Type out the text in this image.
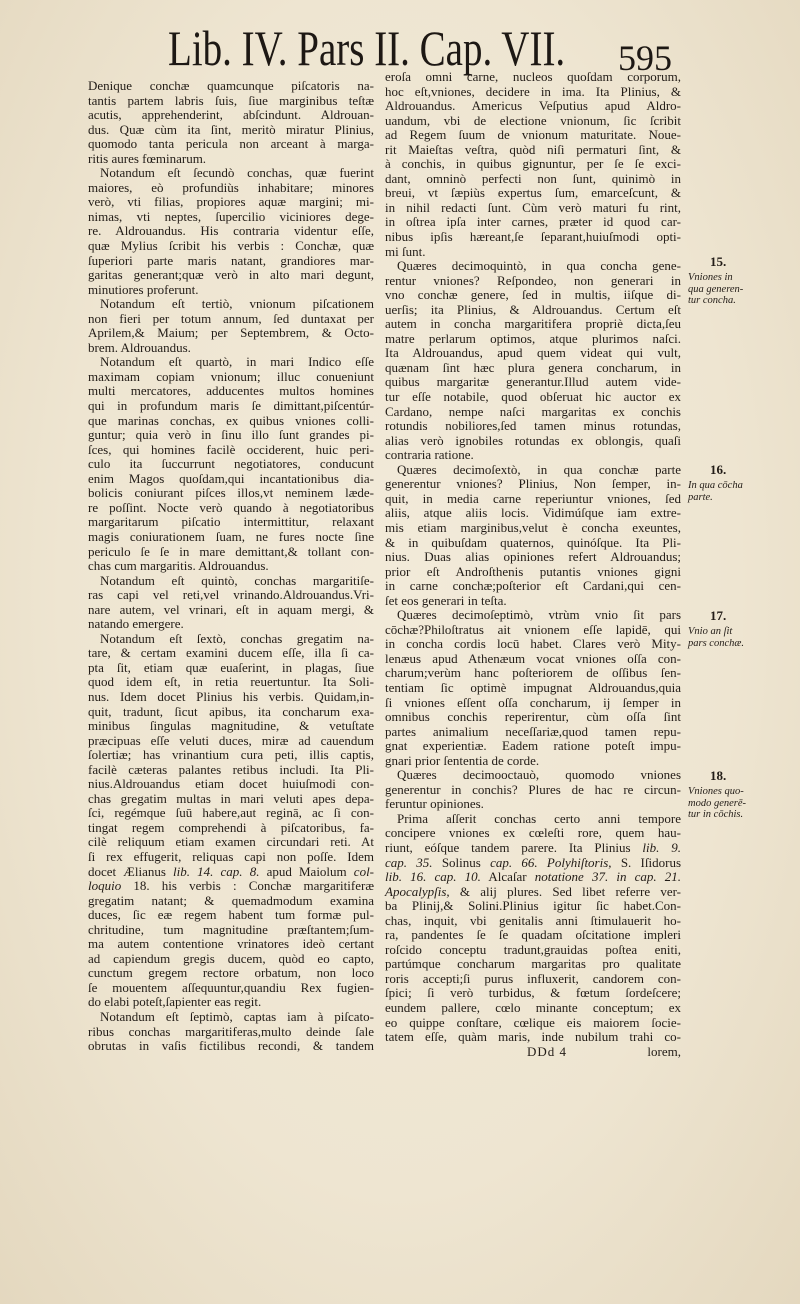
Lib. IV. Pars II. Cap. VII. 595
Denique conchæ quamcunque piſcatoris na-
tantis partem labris ſuis, ſiue marginibus teſtæ
acutis, apprehenderint, abſcindunt. Aldrouan-
dus. Quæ cùm ita ſint, meritò miratur Plinius,
quomodo tanta pericula non arceant à marga-
ritis aures fœminarum.
Notandum eſt ſecundò conchas, quæ fuerint
maiores, eò profundiùs inhabitare; minores
verò, vti filias, propiores aquæ margini; mi-
nimas, vti neptes, ſupercilio viciniores dege-
re. Aldrouandus. His contraria videntur eſſe,
quæ Mylius ſcribit his verbis : Conchæ, quæ
ſuperiori parte maris natant, grandiores mar-
garitas generant;quæ verò in alto mari degunt,
minutiores proferunt.
Notandum eſt tertiò, vnionum piſcationem
non fieri per totum annum, ſed duntaxat per
Aprilem,& Maium; per Septembrem, & Octo-
brem. Aldrouandus.
Notandum eſt quartò, in mari Indico eſſe
maximam copiam vnionum; illuc conueniunt
multi mercatores, adducentes multos homines
qui in profundum maris ſe dimittant,piſcentúr-
que marinas conchas, ex quibus vniones colli-
guntur; quia verò in ſinu illo ſunt grandes pi-
ſces, qui homines facilè occiderent, huic peri-
culo ita ſuccurrunt negotiatores, conducunt
enim Magos quoſdam,qui incantationibus dia-
bolicis coniurant piſces illos,vt neminem læde-
re poſſint. Nocte verò quando à negotiatoribus
margaritarum piſcatio intermittitur, relaxant
magis coniurationem ſuam, ne fures nocte ſine
periculo ſe ſe in mare demittant,& tollant con-
chas cum margaritis. Aldrouandus.
Notandum eſt quintò, conchas margaritiſe-
ras capi vel reti,vel vrinando.Aldrouandus.Vri-
nare autem, vel vrinari, eſt in aquam mergi, &
natando emergere.
Notandum eſt ſextò, conchas gregatim na-
tare, & certam examini ducem eſſe, illa ſi ca-
pta ſit, etiam quæ euaſerint, in plagas, ſiue
quod idem eſt, in retia reuertuntur. Ita Soli-
nus. Idem docet Plinius his verbis. Quidam,in-
quit, tradunt, ſicut apibus, ita concharum exa-
minibus ſingulas magnitudine, & vetuſtate
præcipuas eſſe veluti duces, miræ ad cauendum
ſolertiæ; has vrinantium cura peti, illis captis,
facilè cæteras palantes retibus includi. Ita Pli-
nius.Aldrouandus etiam docet huiuſmodi con-
chas gregatim multas in mari veluti apes depa-
ſci, regémque ſuū habere,aut reginā, ac ſi con-
tingat regem comprehendi à piſcatoribus, fa-
cilè reliquum etiam examen circundari reti. At
ſi rex effugerit, reliquas capi non poſſe. Idem
docet Ælianus lib. 14. cap. 8. apud Maiolum col-
loquio 18. his verbis : Conchæ margaritiferæ
gregatim natant; & quemadmodum examina
duces, ſic eæ regem habent tum formæ pul-
chritudine, tum magnitudine præſtantem;ſum-
ma autem contentione vrinatores ideò certant
ad capiendum gregis ducem, quòd eo capto,
cunctum gregem rectore orbatum, non loco
ſe mouentem aſſequuntur,quandiu Rex fugien-
do elabi poteſt,ſapienter eas regit.
Notandum eſt ſeptimò, captas iam à piſcato-
ribus conchas margaritiferas,multo deinde ſale
obrutas in vaſis fictilibus recondi, & tandem
eroſa omni carne, nucleos quoſdam corporum,
hoc eſt,vniones, decidere in ima. Ita Plinius, &
Aldrouandus. Americus Veſputius apud Aldro-
uandum, vbi de electione vnionum, ſic ſcribit
ad Regem ſuum de vnionum maturitate. Noue-
rit Maieſtas veſtra, quòd niſi permaturi ſint, &
à conchis, in quibus gignuntur, per ſe ſe exci-
dant, omninò perfecti non ſunt, quinimò in
breui, vt ſæpiùs expertus ſum, emarceſcunt, &
in nihil redacti ſunt. Cùm verò maturi fu rint,
in oſtrea ipſa inter carnes, præter id quod car-
nibus ipſis hæreant,ſe ſeparant,huiuſmodi opti-
mi ſunt.
Quæres decimoquintò, in qua concha gene-
rentur vniones? Reſpondeo, non generari in
vno conchæ genere, ſed in multis, iiſque di-
uerſis; ita Plinius, & Aldrouandus. Certum eſt
autem in concha margaritifera propriè dicta,ſeu
matre perlarum optimos, atque plurimos naſci.
Ita Aldrouandus, apud quem videat qui vult,
quænam ſint hæc plura genera concharum, in
quibus margaritæ generantur.Illud autem vide-
tur eſſe notabile, quod obſeruat hic auctor ex
Cardano, nempe naſci margaritas ex conchis
rotundis nobiliores,ſed tamen minus rotundas,
alias verò ignobiles rotundas ex oblongis, quaſi
contraria ratione.
Quæres decimoſextò, in qua conchæ parte
generentur vniones? Plinius, Non ſemper, in-
quit, in media carne reperiuntur vniones, ſed
aliis, atque aliis locis. Vidimúſque iam extre-
mis etiam marginibus,velut è concha exeuntes,
& in quibuſdam quaternos, quinóſque. Ita Pli-
nius. Duas alias opiniones refert Aldrouandus;
prior eſt Androſthenis putantis vniones gigni
in carne conchæ;poſterior eſt Cardani,qui cen-
ſet eos generari in teſta.
Quæres decimoſeptimò, vtrùm vnio ſit pars
cōchæ?Philoſtratus ait vnionem eſſe lapidē, qui
in concha cordis locū habet. Clares verò Mity-
lenæus apud Athenæum vocat vniones oſſa con-
charum;verùm hanc poſteriorem de oſſibus ſen-
tentiam ſic optimè impugnat Aldrouandus,quia
ſi vniones eſſent oſſa concharum, ij ſemper in
omnibus conchis reperirentur, cùm oſſa ſint
partes animalium neceſſariæ,quod tamen repu-
gnat experientiæ. Eadem ratione poteſt impu-
gnari prior ſententia de corde.
Quæres decimooctauò, quomodo vniones
generentur in conchis? Plures de hac re circun-
feruntur opiniones.
Prima aſſerit conchas certo anni tempore
concipere vniones ex cœleſti rore, quem hau-
riunt, eóſque tandem parere. Ita Plinius lib. 9.
cap. 35. Solinus cap. 66. Polyhiſtoris, S. Iſidorus
lib. 16. cap. 10. Alcaſar notatione 37. in cap. 21.
Apocalypſis, & alij plures. Sed libet referre ver-
ba Plinij,& Solini.Plinius igitur ſic habet.Con-
chas, inquit, vbi genitalis anni ſtimulauerit ho-
ra, pandentes ſe ſe quadam oſcitatione impleri
roſcido conceptu tradunt,grauidas poſtea eniti,
partúmque concharum margaritas pro qualitate
roris accepti;ſi purus influxerit, candorem con-
ſpici; ſi verò turbidus, & fœtum ſordeſcere;
eundem pallere, cœlo minante conceptum; ex
eo quippe conſtare, cœlique eis maiorem ſocie-
tatem eſſe, quàm maris, inde nubilum trahi co-
15.
Vniones in
qua generen-
tur concha.
16.
In qua cōcha
parte.
17.
Vnio an ſit
pars conchæ.
18.
Vniones quo-
modo generē-
tur in cōchis.
DDd 4	lorem,
